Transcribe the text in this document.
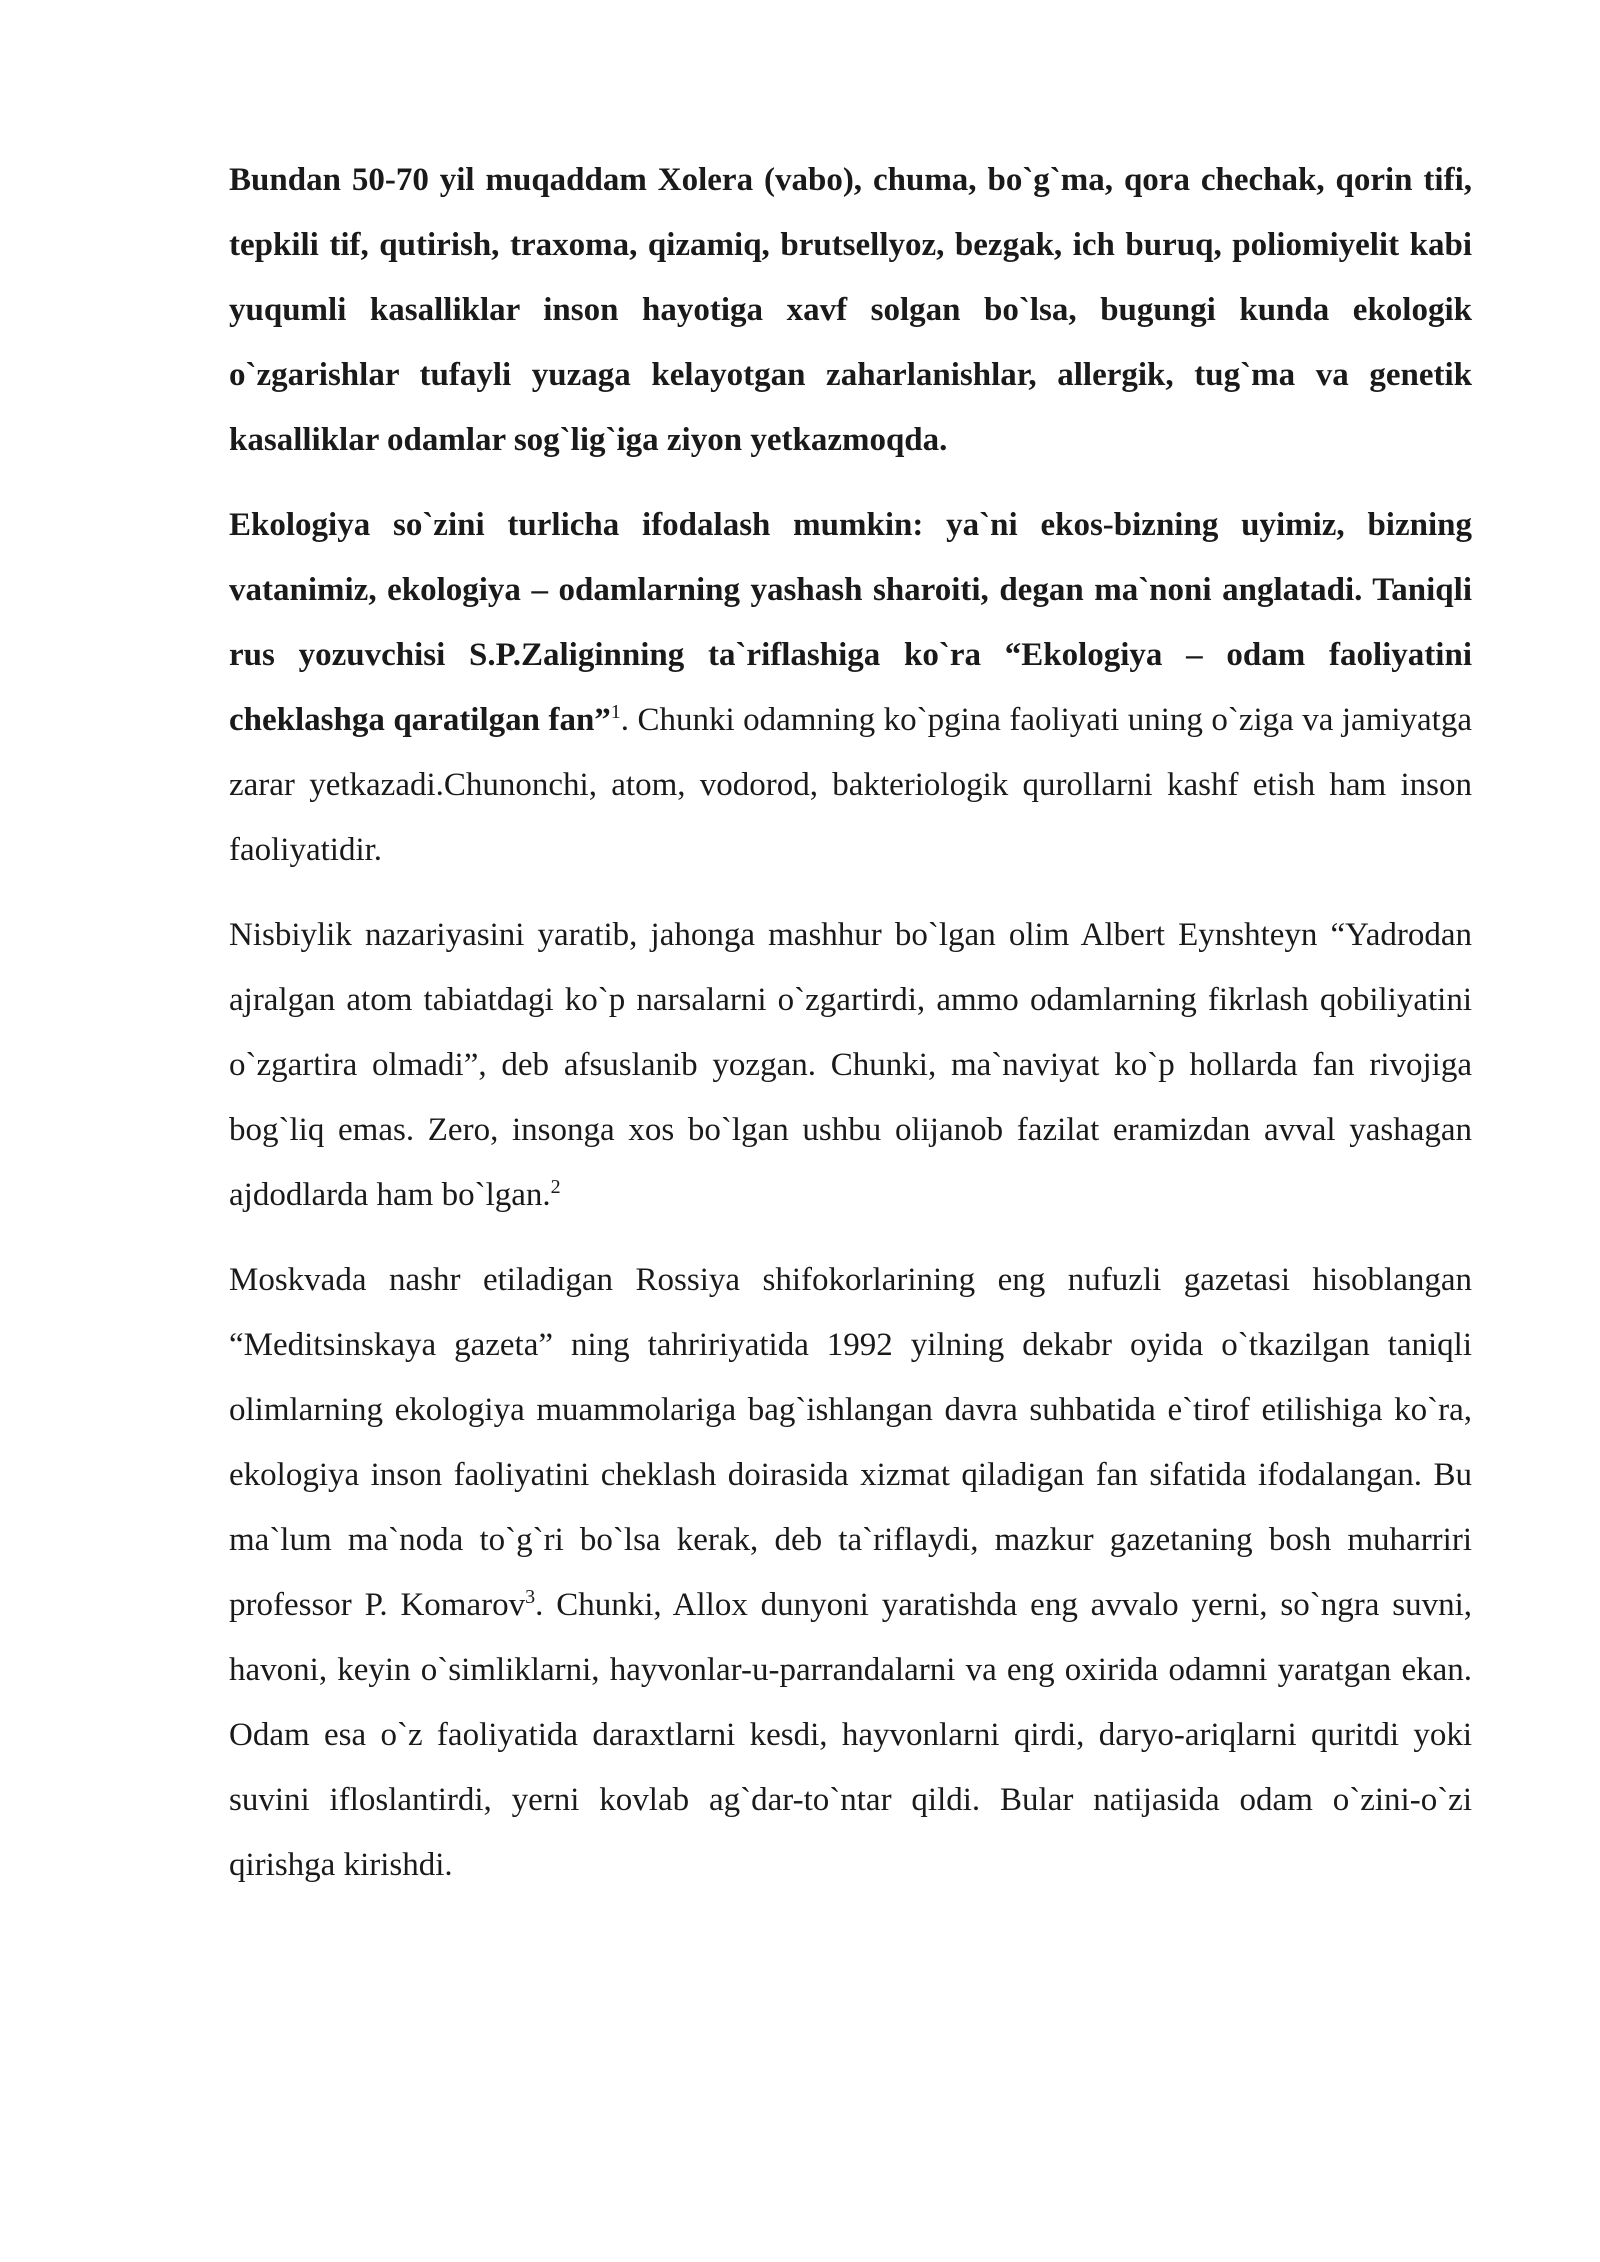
Bundan 50-70 yil muqaddam Xolera (vabo), chuma, bo`g`ma, qora chechak, qorin tifi, tepkili tif, qutirish, traxoma, qizamiq, brutsellyoz, bezgak, ich buruq, poliomiyelit kabi yuqumli kasalliklar inson hayotiga xavf solgan bo`lsa, bugungi kunda ekologik o`zgarishlar tufayli yuzaga kelayotgan zaharlanishlar, allergik, tug`ma va genetik kasalliklar odamlar sog`lig`iga ziyon yetkazmoqda.

Ekologiya so`zini turlicha ifodalash mumkin: ya`ni ekos-bizning uyimiz, bizning vatanimiz, ekologiya – odamlarning yashash sharoiti, degan ma`noni anglatadi. Taniqli rus yozuvchisi S.P.Zaliginning ta`riflashiga ko`ra “Ekologiya – odam faoliyatini cheklashga qaratilgan fan”$^1$. Chunki odamning ko`pgina faoliyati uning o`ziga va jamiyatga zarar yetkazadi.Chunonchi, atom, vodorod, bakteriologik qurollarni kashf etish ham inson faoliyatidir.

Nisbiylik nazariyasini yaratib, jahonga mashhur bo`lgan olim Albert Eynshteyn “Yadrodan ajralgan atom tabiatdagi ko`p narsalarni o`zgartirdi, ammo odamlarning fikrlash qobiliyatini o`zgartira olmadi”, deb afsuslanib yozgan. Chunki, ma`naviyat ko`p hollarda fan rivojiga bog`liq emas. Zero, insonga xos bo`lgan ushbu olijanob fazilat eramizdan avval yashagan ajdodlarda ham bo`lgan.$^2$

Moskvada nashr etiladigan Rossiya shifokorlarining eng nufuzli gazetasi hisoblangan “Meditsinskaya gazeta” ning tahririyatida 1992 yilning dekabr oyida o`tkazilgan taniqli olimlarning ekologiya muammolariga bag`ishlangan davra suhbatida e`tirof etilishiga ko`ra, ekologiya inson faoliyatini cheklash doirasida xizmat qiladigan fan sifatida ifodalangan. Bu ma`lum ma`noda to`g`ri bo`lsa kerak, deb ta`riflaydi, mazkur gazetaning bosh muharriri professor P. Komarov$^3$. Chunki, Allox dunyoni yaratishda eng avvalo yerni, so`ngra suvni, havoni, keyin o`simliklarni, hayvonlar-u-parrandalarni va eng oxirida odamni yaratgan ekan. Odam esa o`z faoliyatida daraxtlarni kesdi, hayvonlarni qirdi, daryo-ariqlarni quritdi yoki suvini ifloslantirdi, yerni kovlab ag`dar-to`ntar qildi. Bular natijasida odam o`zini-o`zi qirishga kirishdi.
